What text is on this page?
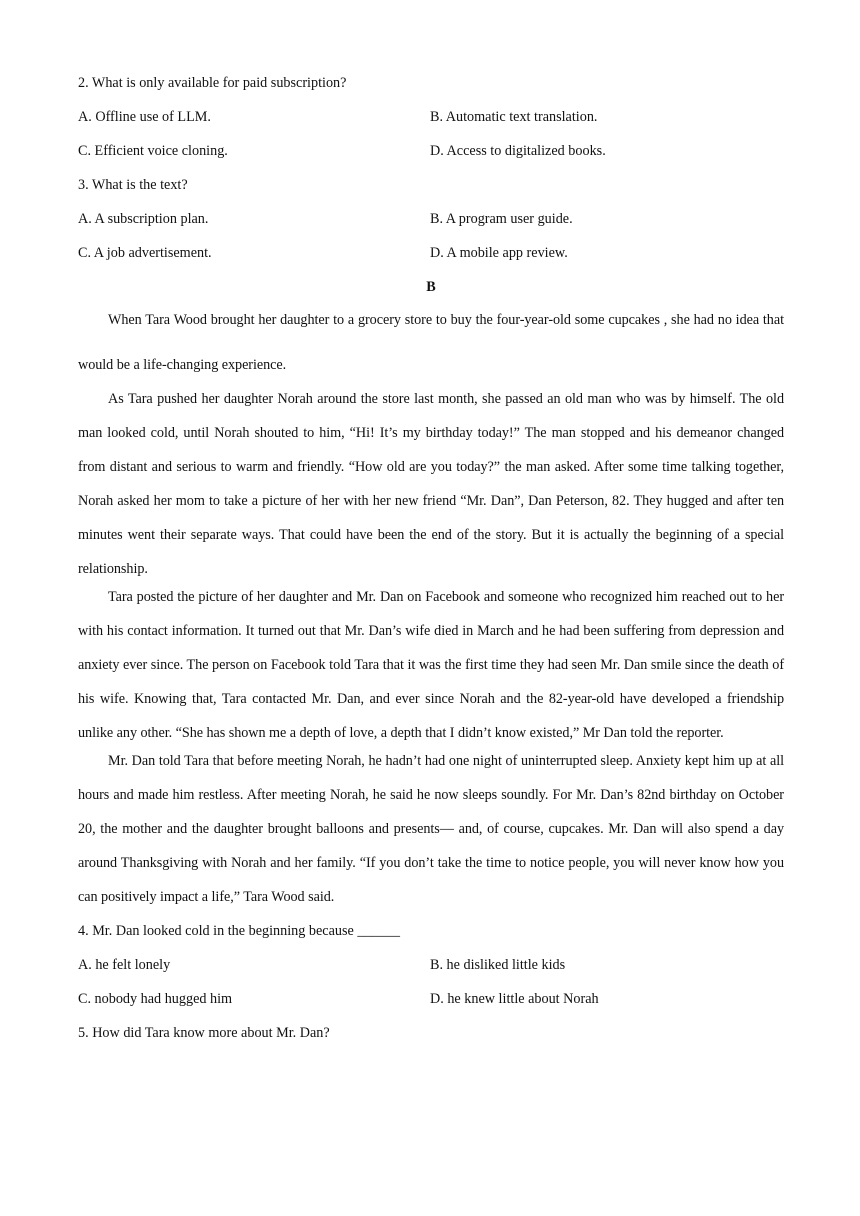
2. What is only available for paid subscription?
A. Offline use of LLM.	B. Automatic text translation.
C. Efficient voice cloning.	D. Access to digitalized books.
3. What is the text?
A. A subscription plan.	B. A program user guide.
C. A job advertisement.	D. A mobile app review.
B

When Tara Wood brought her daughter to a grocery store to buy the four-year-old some cupcakes , she had no idea that would be a life-changing experience.

As Tara pushed her daughter Norah around the store last month, she passed an old man who was by himself. The old man looked cold, until Norah shouted to him, “Hi! It’s my birthday today!” The man stopped and his demeanor changed from distant and serious to warm and friendly. “How old are you today?” the man asked. After some time talking together, Norah asked her mom to take a picture of her with her new friend “Mr. Dan”, Dan Peterson, 82. They hugged and after ten minutes went their separate ways. That could have been the end of the story. But it is actually the beginning of a special relationship.

Tara posted the picture of her daughter and Mr. Dan on Facebook and someone who recognized him reached out to her with his contact information. It turned out that Mr. Dan’s wife died in March and he had been suffering from depression and anxiety ever since. The person on Facebook told Tara that it was the first time they had seen Mr. Dan smile since the death of his wife. Knowing that, Tara contacted Mr. Dan, and ever since Norah and the 82-year-old have developed a friendship unlike any other. “She has shown me a depth of love, a depth that I didn’t know existed,” Mr Dan told the reporter.

Mr. Dan told Tara that before meeting Norah, he hadn’t had one night of uninterrupted sleep. Anxiety kept him up at all hours and made him restless. After meeting Norah, he said he now sleeps soundly. For Mr. Dan’s 82nd birthday on October 20, the mother and the daughter brought balloons and presents— and, of course, cupcakes. Mr. Dan will also spend a day around Thanksgiving with Norah and her family. “If you don’t take the time to notice people, you will never know how you can positively impact a life,” Tara Wood said.

4. Mr. Dan looked cold in the beginning because ______
A. he felt lonely	B. he disliked little kids
C. nobody had hugged him	D. he knew little about Norah
5. How did Tara know more about Mr. Dan?
